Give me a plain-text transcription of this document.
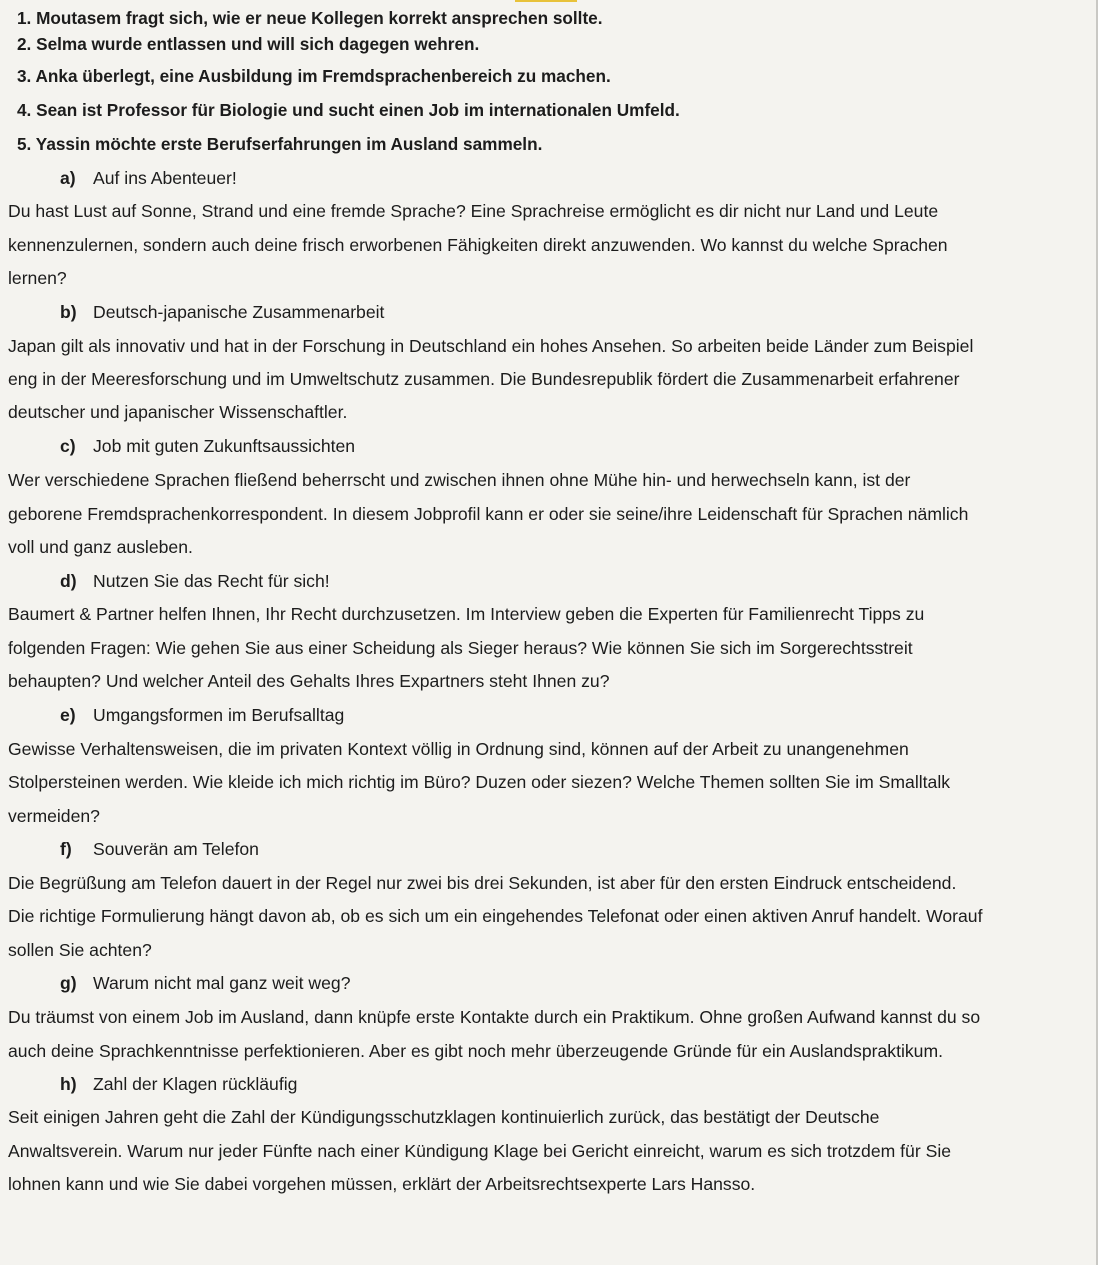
1. Moutasem fragt sich, wie er neue Kollegen korrekt ansprechen sollte.
2. Selma wurde entlassen und will sich dagegen wehren.
3. Anka überlegt, eine Ausbildung im Fremdsprachenbereich zu machen.
4. Sean ist Professor für Biologie und sucht einen Job im internationalen Umfeld.
5. Yassin möchte erste Berufserfahrungen im Ausland sammeln.
a) Auf ins Abenteuer!
Du hast Lust auf Sonne, Strand und eine fremde Sprache? Eine Sprachreise ermöglicht es dir nicht nur Land und Leute
kennenzulernen, sondern auch deine frisch erworbenen Fähigkeiten direkt anzuwenden. Wo kannst du welche Sprachen
lernen?
b) Deutsch-japanische Zusammenarbeit
Japan gilt als innovativ und hat in der Forschung in Deutschland ein hohes Ansehen. So arbeiten beide Länder zum Beispiel
eng in der Meeresforschung und im Umweltschutz zusammen. Die Bundesrepublik fördert die Zusammenarbeit erfahrener
deutscher und japanischer Wissenschaftler.
c) Job mit guten Zukunftsaussichten
Wer verschiedene Sprachen fließend beherrscht und zwischen ihnen ohne Mühe hin- und herwechseln kann, ist der
geborene Fremdsprachenkorrespondent. In diesem Jobprofil kann er oder sie seine/ihre Leidenschaft für Sprachen nämlich
voll und ganz ausleben.
d) Nutzen Sie das Recht für sich!
Baumert & Partner helfen Ihnen, Ihr Recht durchzusetzen. Im Interview geben die Experten für Familienrecht Tipps zu
folgenden Fragen: Wie gehen Sie aus einer Scheidung als Sieger heraus? Wie können Sie sich im Sorgerechtsstreit
behaupten? Und welcher Anteil des Gehalts Ihres Expartners steht Ihnen zu?
e) Umgangsformen im Berufsalltag
Gewisse Verhaltensweisen, die im privaten Kontext völlig in Ordnung sind, können auf der Arbeit zu unangenehmen
Stolpersteinen werden. Wie kleide ich mich richtig im Büro? Duzen oder siezen? Welche Themen sollten Sie im Smalltalk
vermeiden?
f) Souverän am Telefon
Die Begrüßung am Telefon dauert in der Regel nur zwei bis drei Sekunden, ist aber für den ersten Eindruck entscheidend.
Die richtige Formulierung hängt davon ab, ob es sich um ein eingehendes Telefonat oder einen aktiven Anruf handelt. Worauf
sollen Sie achten?
g) Warum nicht mal ganz weit weg?
Du träumst von einem Job im Ausland, dann knüpfe erste Kontakte durch ein Praktikum. Ohne großen Aufwand kannst du so
auch deine Sprachkenntnisse perfektionieren. Aber es gibt noch mehr überzeugende Gründe für ein Auslandspraktikum.
h) Zahl der Klagen rückläufig
Seit einigen Jahren geht die Zahl der Kündigungsschutzklagen kontinuierlich zurück, das bestätigt der Deutsche
Anwaltsverein. Warum nur jeder Fünfte nach einer Kündigung Klage bei Gericht einreicht, warum es sich trotzdem für Sie
lohnen kann und wie Sie dabei vorgehen müssen, erklärt der Arbeitsrechtsexperte Lars Hansso.
